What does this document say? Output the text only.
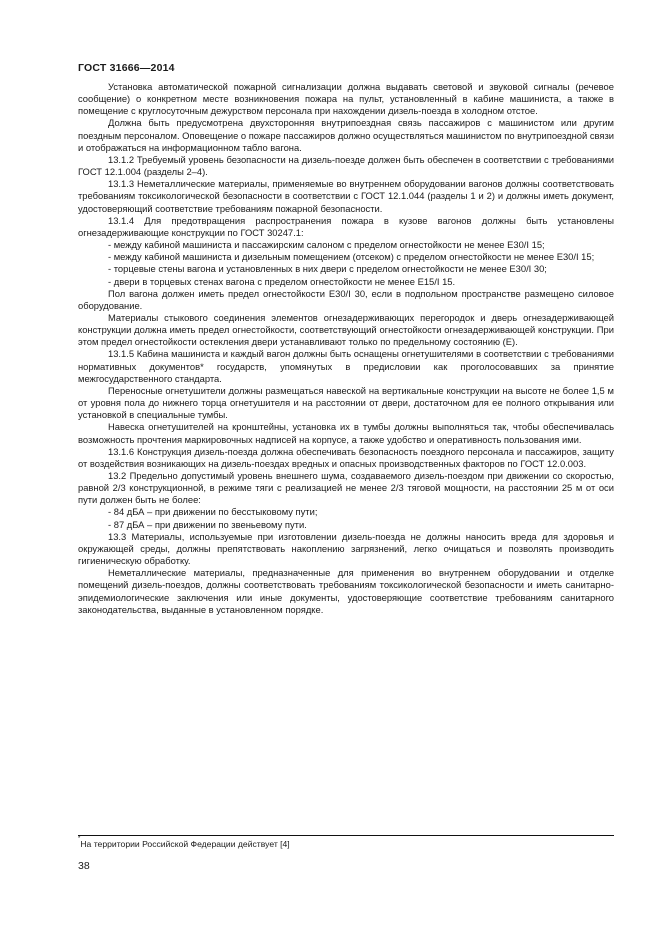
ГОСТ 31666—2014

Установка автоматической пожарной сигнализации должна выдавать световой и звуковой сигналы (речевое сообщение) о конкретном месте возникновения пожара на пульт, установленный в кабине машиниста, а также в помещение с круглосуточным дежурством персонала при нахождении дизель-поезда в холодном отстое.

Должна быть предусмотрена двухсторонняя внутрипоездная связь пассажиров с машинистом или другим поездным персоналом. Оповещение о пожаре пассажиров должно осуществляться машинистом по внутрипоездной связи и отображаться на информационном табло вагона.

13.1.2 Требуемый уровень безопасности на дизель-поезде должен быть обеспечен в соответствии с требованиями ГОСТ 12.1.004 (разделы 2–4).

13.1.3 Неметаллические материалы, применяемые во внутреннем оборудовании вагонов должны соответствовать требованиям токсикологической безопасности в соответствии с ГОСТ 12.1.044 (разделы 1 и 2) и должны иметь документ, удостоверяющий соответствие требованиям пожарной безопасности.

13.1.4 Для предотвращения распространения пожара в кузове вагонов должны быть установлены огнезадерживающие конструкции по ГОСТ 30247.1:

- между кабиной машиниста и пассажирским салоном с пределом огнестойкости не менее E30/I 15;

- между кабиной машиниста и дизельным помещением (отсеком) с пределом огнестойкости не менее E30/I 15;

- торцевые стены вагона и установленных в них двери с пределом огнестойкости не менее E30/I 30;

- двери в торцевых стенах вагона с пределом огнестойкости не менее E15/I 15.

Пол вагона должен иметь предел огнестойкости E30/I 30, если в подпольном пространстве размещено силовое оборудование.

Материалы стыкового соединения элементов огнезадерживающих перегородок и дверь огнезадерживающей конструкции должна иметь предел огнестойкости, соответствующий огнестойкости огнезадерживающей конструкции. При этом предел огнестойкости остекления двери устанавливают только по предельному состоянию (E).

13.1.5 Кабина машиниста и каждый вагон должны быть оснащены огнетушителями в соответствии с требованиями нормативных документов* государств, упомянутых в предисловии как проголосовавших за принятие межгосударственного стандарта.

Переносные огнетушители должны размещаться навеской на вертикальные конструкции на высоте не более 1,5 м от уровня пола до нижнего торца огнетушителя и на расстоянии от двери, достаточном для ее полного открывания или установкой в специальные тумбы.

Навеска огнетушителей на кронштейны, установка их в тумбы должны выполняться так, чтобы обеспечивалась возможность прочтения маркировочных надписей на корпусе, а также удобство и оперативность пользования ими.

13.1.6 Конструкция дизель-поезда должна обеспечивать безопасность поездного персонала и пассажиров, защиту от воздействия возникающих на дизель-поездах вредных и опасных производственных факторов по ГОСТ 12.0.003.

13.2 Предельно допустимый уровень внешнего шума, создаваемого дизель-поездом при движении со скоростью, равной 2/3 конструкционной, в режиме тяги с реализацией не менее 2/3 тяговой мощности, на расстоянии 25 м от оси пути должен быть не более:

- 84 дБА – при движении по бесстыковому пути;

- 87 дБА – при движении по звеньевому пути.

13.3 Материалы, используемые при изготовлении дизель-поезда не должны наносить вреда для здоровья и окружающей среды, должны препятствовать накоплению загрязнений, легко очищаться и позволять производить гигиеническую обработку.

Неметаллические материалы, предназначенные для применения во внутреннем оборудовании и отделке помещений дизель-поездов, должны соответствовать требованиям токсикологической безопасности и иметь санитарно-эпидемиологические заключения или иные документы, удостоверяющие соответствие требованиям санитарного законодательства, выданные в установленном порядке.

*На территории Российской Федерации действует [4]
38
